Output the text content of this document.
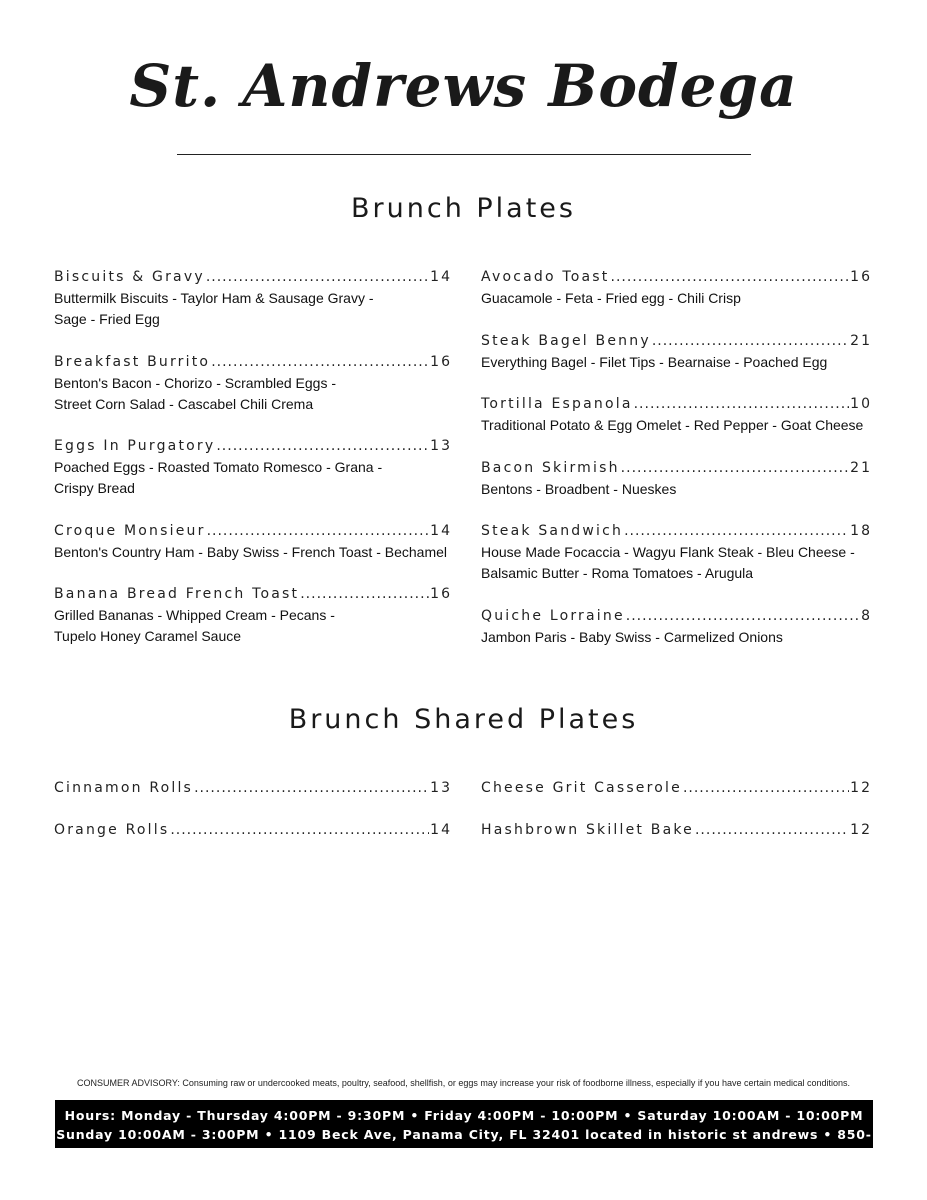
St. Andrews Bodega
Brunch Plates
Biscuits & Gravy .....	14
Buttermilk Biscuits - Taylor Ham & Sausage Gravy -
Sage - Fried Egg
Breakfast Burrito .....	16
Benton's Bacon - Chorizo - Scrambled Eggs -
Street Corn Salad - Cascabel Chili Crema
Eggs In Purgatory .....	13
Poached Eggs - Roasted Tomato Romesco - Grana -
Crispy Bread
Croque Monsieur .....	14
Benton's Country Ham - Baby Swiss - French Toast - Bechamel
Banana Bread French Toast .....	16
Grilled Bananas - Whipped Cream - Pecans -
Tupelo Honey Caramel Sauce
Avocado Toast .....	16
Guacamole - Feta - Fried egg - Chili Crisp
Steak Bagel Benny .....	21
Everything Bagel - Filet Tips - Bearnaise - Poached Egg
Tortilla Espanola .....	10
Traditional Potato & Egg Omelet - Red Pepper - Goat Cheese
Bacon Skirmish .....	21
Bentons - Broadbent - Nueskes
Steak Sandwich .....	18
House Made Focaccia - Wagyu Flank Steak - Bleu Cheese -
Balsamic Butter - Roma Tomatoes - Arugula
Quiche Lorraine .....	8
Jambon Paris - Baby Swiss - Carmelized Onions
Brunch Shared Plates
Cinnamon Rolls .....	13
Orange Rolls .....	14
Cheese Grit Casserole .....	12
Hashbrown Skillet Bake .....	12
CONSUMER ADVISORY: Consuming raw or undercooked meats, poultry, seafood, shellfish, or eggs may increase your risk of foodborne illness, especially if you have certain medical conditions.
Hours: Monday - Thursday 4:00PM - 9:30PM • Friday 4:00PM - 10:00PM • Saturday 10:00AM - 10:00PM
Sunday 10:00AM - 3:00PM • 1109 Beck Ave, Panama City, FL 32401 located in historic st andrews • 850-215-0366
